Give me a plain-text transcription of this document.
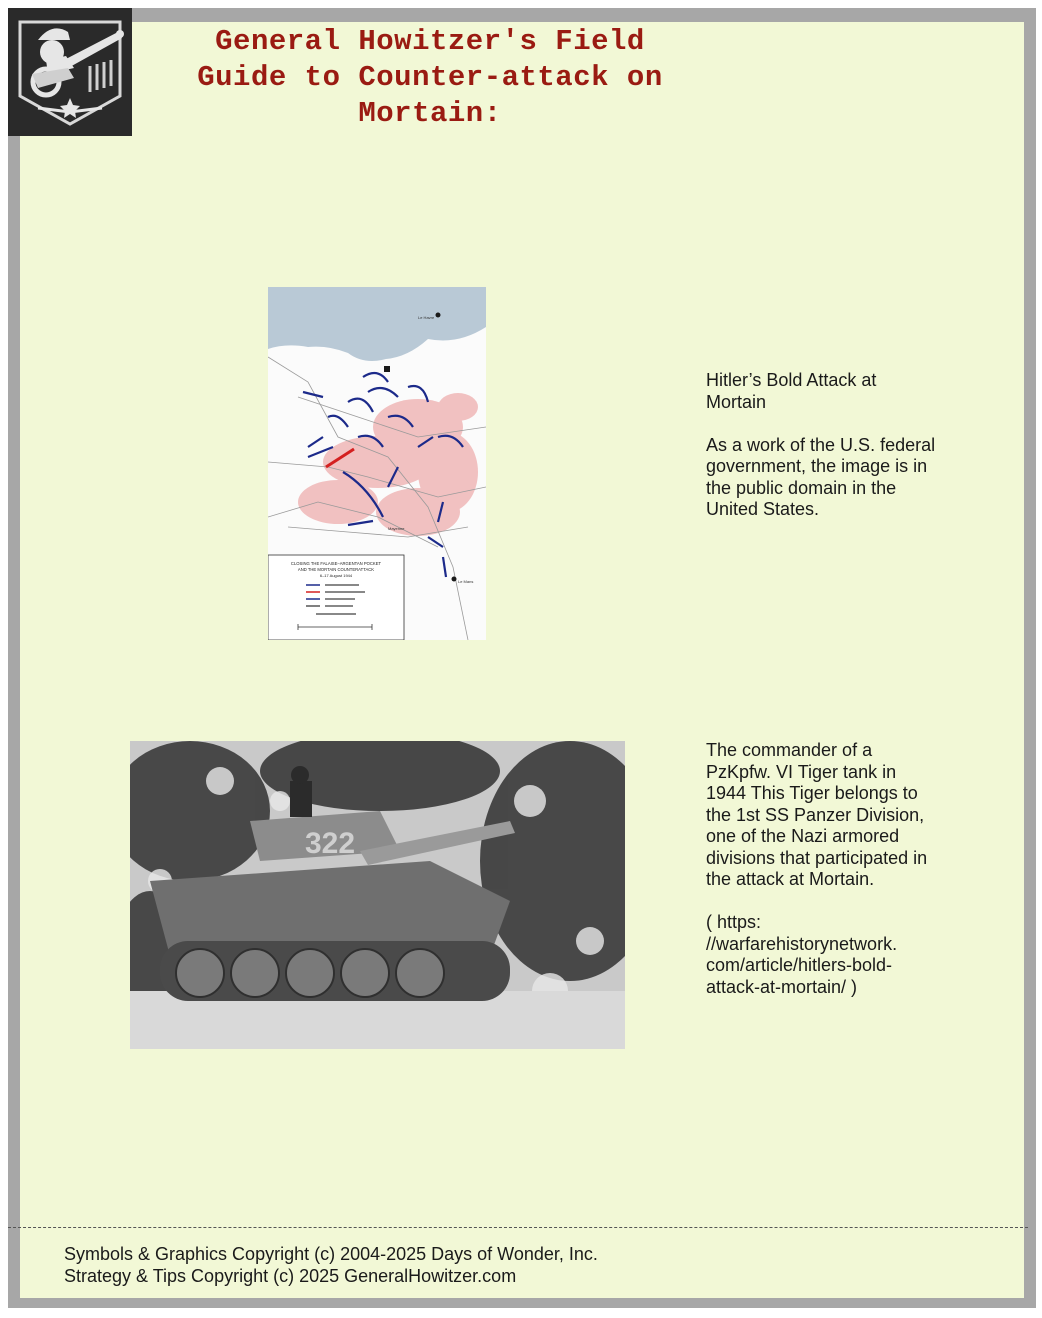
General Howitzer's Field
Guide to Counter-attack on
Mortain:
Le Havre
Mayenne
Le Mans
CLOSING THE FALAISE–ARGENTAN POCKET
AND THE MORTAIN COUNTERATTACK
6–17 August 1944

Hitler’s Bold Attack at Mortain

As a work of the U.S. federal government, the image is in the public domain in the United States.

322

The commander of a PzKpfw. VI Tiger tank in 1944 This Tiger belongs to the 1st SS Panzer Division, one of the Nazi armored divisions that participated in the attack at Mortain.

( https: //warfarehistorynetwork. com/article/hitlers-bold- attack-at-mortain/ )

Symbols & Graphics Copyright (c) 2004-2025 Days of Wonder, Inc.
Strategy & Tips Copyright (c) 2025 GeneralHowitzer.com
